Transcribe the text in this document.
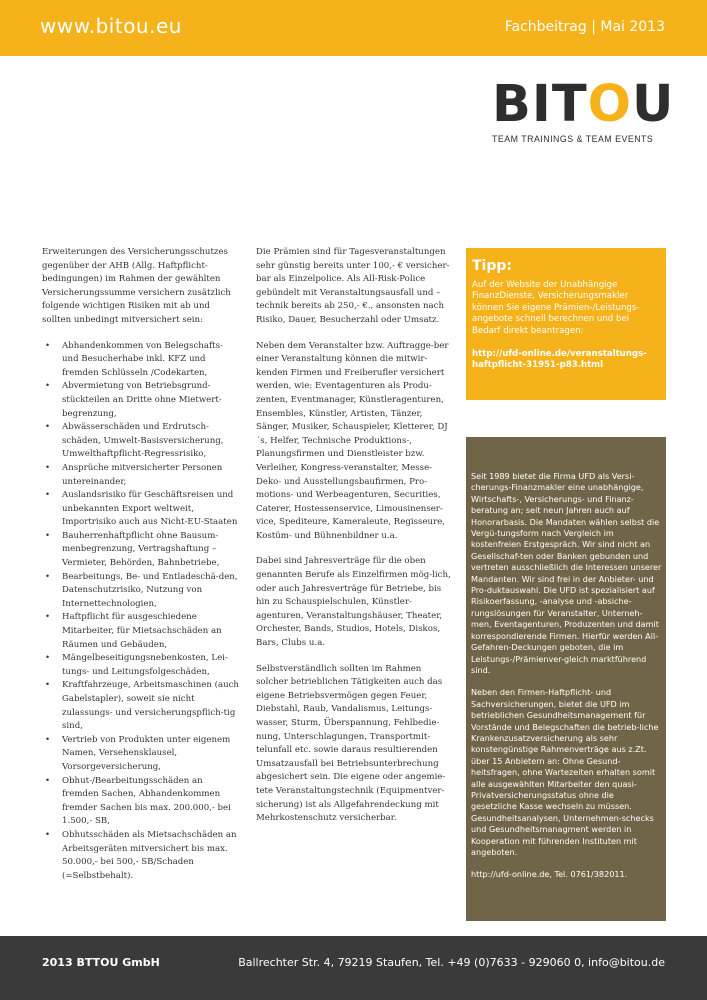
www.bitou.eu	Fachbeitrag | Mai 2013
BITOU
TEAM TRAININGS & TEAM EVENTS

Erweiterungen des Versicherungsschutzes gegenüber der AHB (Allg. Haftpflicht-bedingungen) im Rahmen der gewählten Versicherungssumme versichern zusätzlich folgende wichtigen Risiken mit ab und sollten unbedingt mitversichert sein:

• Abhandenkommen von Belegschafts- und Besucherhabe inkl. KFZ und fremden Schlüsseln /Codekarten,
• Abvermietung von Betriebsgrund-stückteilen an Dritte ohne Mietwert-begrenzung,
• Abwässerschäden und Erdrutsch-schäden, Umwelt-Basisversicherung, Umwelthaftpflicht-Regressrisiko,
• Ansprüche mitversicherter Personen untereinander,
• Auslandsrisiko für Geschäftsreisen und unbekannten Export weltweit, Importrisiko auch aus Nicht-EU-Staaten
• Bauherrenhaftpflicht ohne Bausum-menbegrenzung, Vertragshaftung – Vermieter, Behörden, Bahnbetriebe,
• Bearbeitungs, Be- und Entladeschä-den, Datenschutzrisiko, Nutzung von Internettechnologien,
• Haftpflicht für ausgeschiedene Mitarbeiter, für Mietsachschäden an Räumen und Gebäuden,
• Mängelbeseitigungsnebenkosten, Lei-tungs- und Leitungsfolgeschäden,
• Kraftfahrzeuge, Arbeitsmaschinen (auch Gabelstapler), soweit sie nicht zulassungs- und versicherungspflich-tig sind,
• Vertrieb von Produkten unter eigenem Namen, Versehensklausel, Vorsorgeversicherung,
• Obhut-/Bearbeitungsschäden an fremden Sachen, Abhandenkommen fremder Sachen bis max. 200.000,- bei 1.500,- SB,
• Obhutsschäden als Mietsachschäden an Arbeitsgeräten mitversichert bis max. 50.000,- bei 500,- SB/Schaden (=Selbstbehalt).

Die Prämien sind für Tagesveranstaltungen sehr günstig bereits unter 100,- € versicher-bar als Einzelpolice. Als All-Risk-Police gebündelt mit Veranstaltungsausfall und –technik bereits ab 250,- €., ansonsten nach Risiko, Dauer, Besucherzahl oder Umsatz.

Neben dem Veranstalter bzw. Auftragge-ber einer Veranstaltung können die mitwir-kenden Firmen und Freiberufler versichert werden, wie: Eventagenturen als Produ-zenten, Eventmanager, Künstleragenturen, Ensembles, Künstler, Artisten, Tänzer, Sänger, Musiker, Schauspieler, Kletterer, DJ´s, Helfer, Technische Produktions-, Planungsfirmen und Dienstleister bzw. Verleiher, Kongress-veranstalter, Messe-Deko- und Ausstellungsbaufirmen, Pro-motions- und Werbeagenturen, Securities, Caterer, Hostessenservice, Limousinenser-vice, Spediteure, Kameraleute, Regisseure, Kostüm- und Bühnenbildner u.a.

Dabei sind Jahresverträge für die oben genannten Berufe als Einzelfirmen mög-lich, oder auch Jahresverträge für Betriebe, bis hin zu Schauspielschulen, Künstler-agenturen, Veranstaltungshäuser, Theater, Orchester, Bands, Studios, Hotels, Diskos, Bars, Clubs u.a.

Selbstverständlich sollten im Rahmen solcher betrieblichen Tätigkeiten auch das eigene Betriebsvermögen gegen Feuer, Diebstahl, Raub, Vandalismus, Leitungs-wasser, Sturm, Überspannung, Fehlbedie-nung, Unterschlagungen, Transportmit-telunfall etc. sowie daraus resultierenden Umsatzausfall bei Betriebsunterbrechung abgesichert sein. Die eigene oder angemie-tete Veranstaltungstechnik (Equipmentver-sicherung) ist als Allgefahrendeckung mit Mehrkostenschutz versicherbar.

Tipp:
Auf der Website der Unabhängige FinanzDienste, Versicherungsmakler können Sie eigene Prämien-/Leistungs-angebote schnell berechnen und bei Bedarf direkt beantragen:
http://ufd-online.de/veranstaltungs-haftpflicht-31951-p83.html

Seit 1989 bietet die Firma UFD als Versi-cherungs-Finanzmakler eine unabhängige, Wirtschafts-, Versicherungs- und Finanz-beratung an; seit neun Jahren auch auf Honorarbasis. Die Mandaten wählen selbst die Vergü-tungsform nach Vergleich im kostenfreien Erstgespräch. Wir sind nicht an Gesellschaf-ten oder Banken gebunden und vertreten ausschließlich die Interessen unserer Mandanten. Wir sind frei in der Anbieter- und Pro-duktauswahl. Die UFD ist spezialisiert auf Risikoerfassung, -analyse und -absiche-rungslösungen für Veranstalter, Unterneh-men, Eventagenturen, Produzenten und damit korrespondierende Firmen. Hierfür werden All-Gefahren-Deckungen geboten, die im Leistungs-/Prämienver-gleich marktführend sind.

Neben den Firmen-Haftpflicht- und Sachversicherungen, bietet die UFD im betrieblichen Gesundheitsmanagement für Vorstände und Belegschaften die betrieb-liche Krankenzusatzversicherung als sehr konstengünstige Rahmenverträge aus z.Zt. über 15 Anbietern an: Ohne Gesund-heitsfragen, ohne Wartezeiten erhalten somit alle ausgewählten Mitarbeiter den quasi-Privatversicherungsstatus ohne die gesetzliche Kasse wechseln zu müssen. Gesundheitsanalysen, Unternehmen-schecks und Gesundheitsmanagment werden in Kooperation mit führenden Instituten mit angeboten.

http://ufd-online.de, Tel. 0761/382011.

2013 BTTOU GmbH	Ballrechter Str. 4, 79219 Staufen, Tel. +49 (0)7633 - 929060 0, info@bitou.de
